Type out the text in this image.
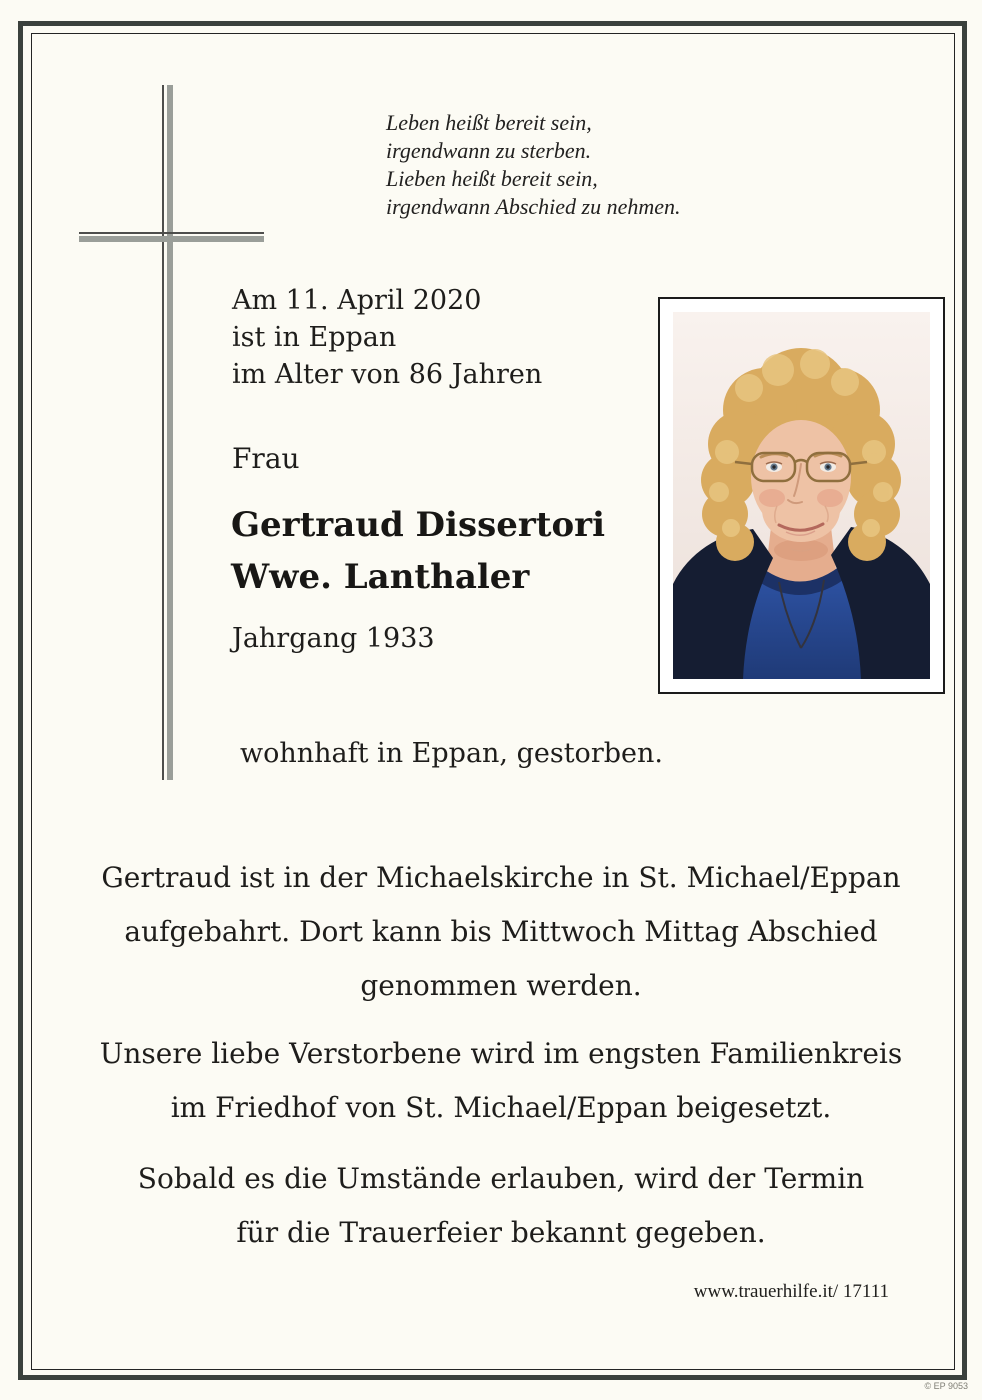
Leben heißt bereit sein,
irgendwann zu sterben.
Lieben heißt bereit sein,
irgendwann Abschied zu nehmen.
Am 11. April 2020
ist in Eppan
im Alter von 86 Jahren
Frau
Gertraud Dissertori
Wwe. Lanthaler
Jahrgang 1933
wohnhaft in Eppan, gestorben.
Gertraud ist in der Michaelskirche in St. Michael/Eppan
aufgebahrt. Dort kann bis Mittwoch Mittag Abschied
genommen werden.
Unsere liebe Verstorbene wird im engsten Familienkreis
im Friedhof von St. Michael/Eppan beigesetzt.
Sobald es die Umstände erlauben, wird der Termin
für die Trauerfeier bekannt gegeben.
www.trauerhilfe.it/ 17111
© EP 9053
